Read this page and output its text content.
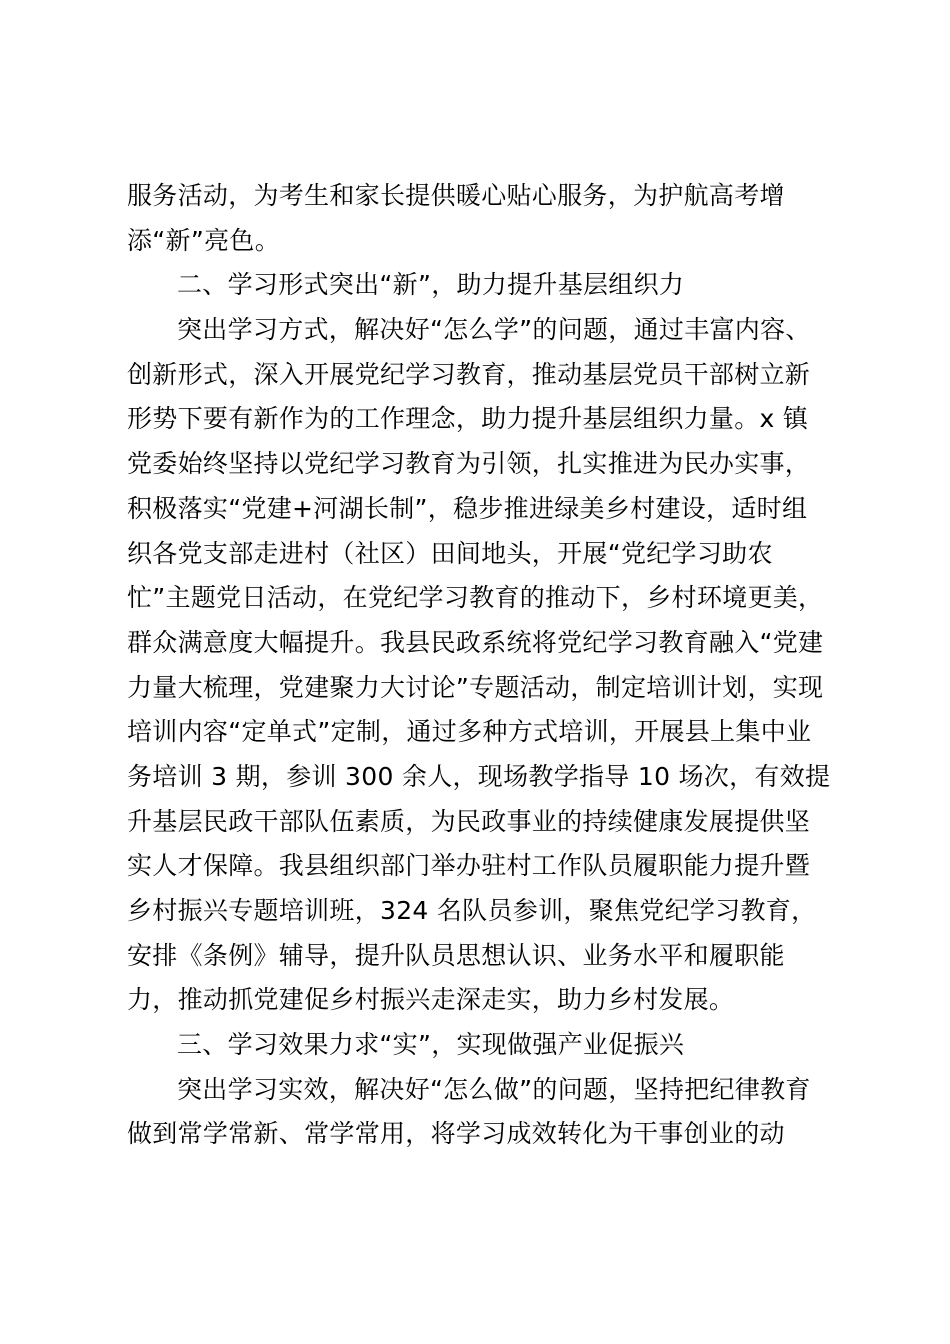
服务活动，为考生和家长提供暖心贴心服务，为护航高考增
添“新”亮色。
二、学习形式突出“新”，助力提升基层组织力
突出学习方式，解决好“怎么学”的问题，通过丰富内容、
创新形式，深入开展党纪学习教育，推动基层党员干部树立新
形势下要有新作为的工作理念，助力提升基层组织力量。x 镇
党委始终坚持以党纪学习教育为引领，扎实推进为民办实事，
积极落实“党建+河湖长制”，稳步推进绿美乡村建设，适时组
织各党支部走进村（社区）田间地头，开展“党纪学习助农
忙”主题党日活动，在党纪学习教育的推动下，乡村环境更美，
群众满意度大幅提升。我县民政系统将党纪学习教育融入“党建
力量大梳理，党建聚力大讨论”专题活动，制定培训计划，实现
培训内容“定单式”定制，通过多种方式培训，开展县上集中业
务培训 3 期，参训 300 余人，现场教学指导 10 场次，有效提
升基层民政干部队伍素质，为民政事业的持续健康发展提供坚
实人才保障。我县组织部门举办驻村工作队员履职能力提升暨
乡村振兴专题培训班，324 名队员参训，聚焦党纪学习教育，
安排《条例》辅导，提升队员思想认识、业务水平和履职能
力，推动抓党建促乡村振兴走深走实，助力乡村发展。
三、学习效果力求“实”，实现做强产业促振兴
突出学习实效，解决好“怎么做”的问题，坚持把纪律教育
做到常学常新、常学常用，将学习成效转化为干事创业的动
